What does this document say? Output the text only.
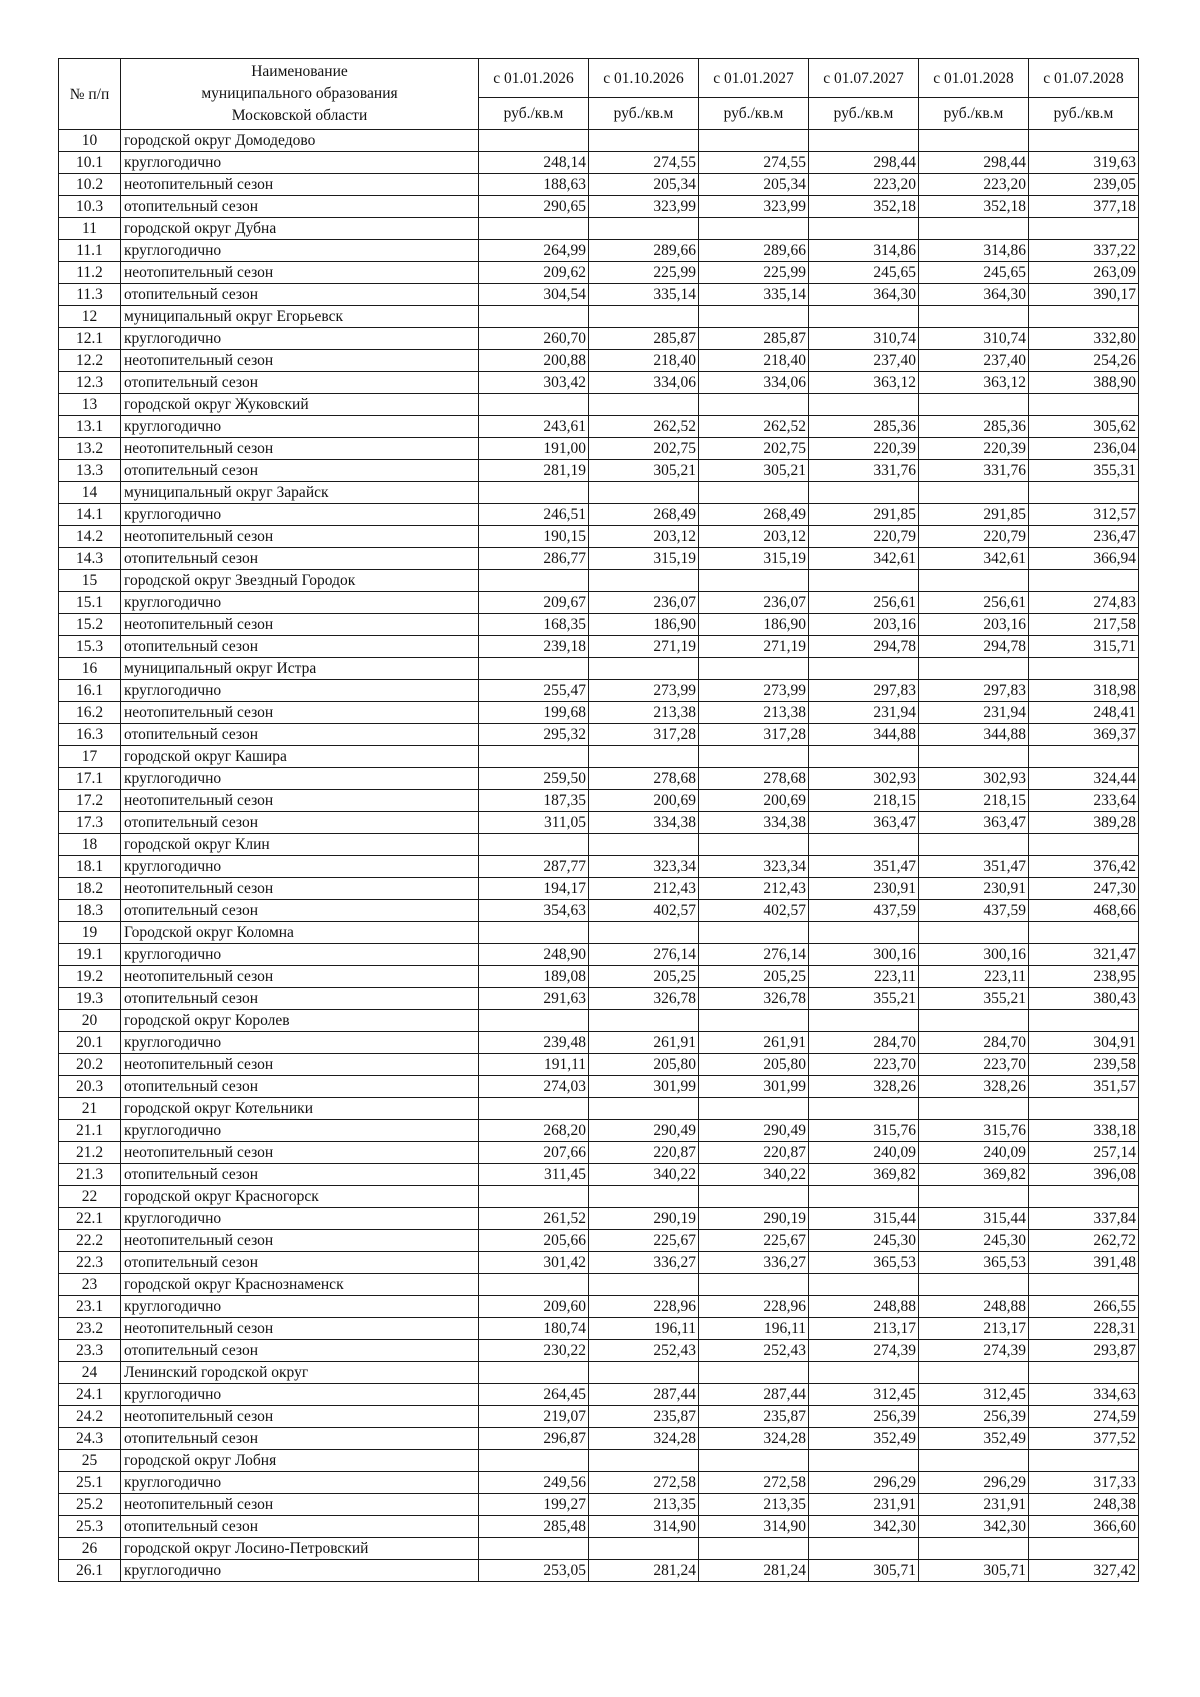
№ п/п	Наименование
муниципального образования
Московской области	с 01.01.2026	с 01.10.2026	с 01.01.2027	с 01.07.2027	с 01.01.2028	с 01.07.2028
		руб./кв.м	руб./кв.м	руб./кв.м	руб./кв.м	руб./кв.м	руб./кв.м
10	городской округ Домодедово						
10.1	круглогодично	248,14	274,55	274,55	298,44	298,44	319,63
10.2	неотопительный сезон	188,63	205,34	205,34	223,20	223,20	239,05
10.3	отопительный сезон	290,65	323,99	323,99	352,18	352,18	377,18
11	городской округ Дубна						
11.1	круглогодично	264,99	289,66	289,66	314,86	314,86	337,22
11.2	неотопительный сезон	209,62	225,99	225,99	245,65	245,65	263,09
11.3	отопительный сезон	304,54	335,14	335,14	364,30	364,30	390,17
12	муниципальный округ Егорьевск						
12.1	круглогодично	260,70	285,87	285,87	310,74	310,74	332,80
12.2	неотопительный сезон	200,88	218,40	218,40	237,40	237,40	254,26
12.3	отопительный сезон	303,42	334,06	334,06	363,12	363,12	388,90
13	городской округ Жуковский						
13.1	круглогодично	243,61	262,52	262,52	285,36	285,36	305,62
13.2	неотопительный сезон	191,00	202,75	202,75	220,39	220,39	236,04
13.3	отопительный сезон	281,19	305,21	305,21	331,76	331,76	355,31
14	муниципальный округ Зарайск						
14.1	круглогодично	246,51	268,49	268,49	291,85	291,85	312,57
14.2	неотопительный сезон	190,15	203,12	203,12	220,79	220,79	236,47
14.3	отопительный сезон	286,77	315,19	315,19	342,61	342,61	366,94
15	городской округ Звездный Городок						
15.1	круглогодично	209,67	236,07	236,07	256,61	256,61	274,83
15.2	неотопительный сезон	168,35	186,90	186,90	203,16	203,16	217,58
15.3	отопительный сезон	239,18	271,19	271,19	294,78	294,78	315,71
16	муниципальный округ Истра						
16.1	круглогодично	255,47	273,99	273,99	297,83	297,83	318,98
16.2	неотопительный сезон	199,68	213,38	213,38	231,94	231,94	248,41
16.3	отопительный сезон	295,32	317,28	317,28	344,88	344,88	369,37
17	городской округ Кашира						
17.1	круглогодично	259,50	278,68	278,68	302,93	302,93	324,44
17.2	неотопительный сезон	187,35	200,69	200,69	218,15	218,15	233,64
17.3	отопительный сезон	311,05	334,38	334,38	363,47	363,47	389,28
18	городской округ Клин						
18.1	круглогодично	287,77	323,34	323,34	351,47	351,47	376,42
18.2	неотопительный сезон	194,17	212,43	212,43	230,91	230,91	247,30
18.3	отопительный сезон	354,63	402,57	402,57	437,59	437,59	468,66
19	Городской округ Коломна						
19.1	круглогодично	248,90	276,14	276,14	300,16	300,16	321,47
19.2	неотопительный сезон	189,08	205,25	205,25	223,11	223,11	238,95
19.3	отопительный сезон	291,63	326,78	326,78	355,21	355,21	380,43
20	городской округ Королев						
20.1	круглогодично	239,48	261,91	261,91	284,70	284,70	304,91
20.2	неотопительный сезон	191,11	205,80	205,80	223,70	223,70	239,58
20.3	отопительный сезон	274,03	301,99	301,99	328,26	328,26	351,57
21	городской округ Котельники						
21.1	круглогодично	268,20	290,49	290,49	315,76	315,76	338,18
21.2	неотопительный сезон	207,66	220,87	220,87	240,09	240,09	257,14
21.3	отопительный сезон	311,45	340,22	340,22	369,82	369,82	396,08
22	городской округ Красногорск						
22.1	круглогодично	261,52	290,19	290,19	315,44	315,44	337,84
22.2	неотопительный сезон	205,66	225,67	225,67	245,30	245,30	262,72
22.3	отопительный сезон	301,42	336,27	336,27	365,53	365,53	391,48
23	городской округ Краснознаменск						
23.1	круглогодично	209,60	228,96	228,96	248,88	248,88	266,55
23.2	неотопительный сезон	180,74	196,11	196,11	213,17	213,17	228,31
23.3	отопительный сезон	230,22	252,43	252,43	274,39	274,39	293,87
24	Ленинский городской округ						
24.1	круглогодично	264,45	287,44	287,44	312,45	312,45	334,63
24.2	неотопительный сезон	219,07	235,87	235,87	256,39	256,39	274,59
24.3	отопительный сезон	296,87	324,28	324,28	352,49	352,49	377,52
25	городской округ Лобня						
25.1	круглогодично	249,56	272,58	272,58	296,29	296,29	317,33
25.2	неотопительный сезон	199,27	213,35	213,35	231,91	231,91	248,38
25.3	отопительный сезон	285,48	314,90	314,90	342,30	342,30	366,60
26	городской округ Лосино-Петровский						
26.1	круглогодично	253,05	281,24	281,24	305,71	305,71	327,42
